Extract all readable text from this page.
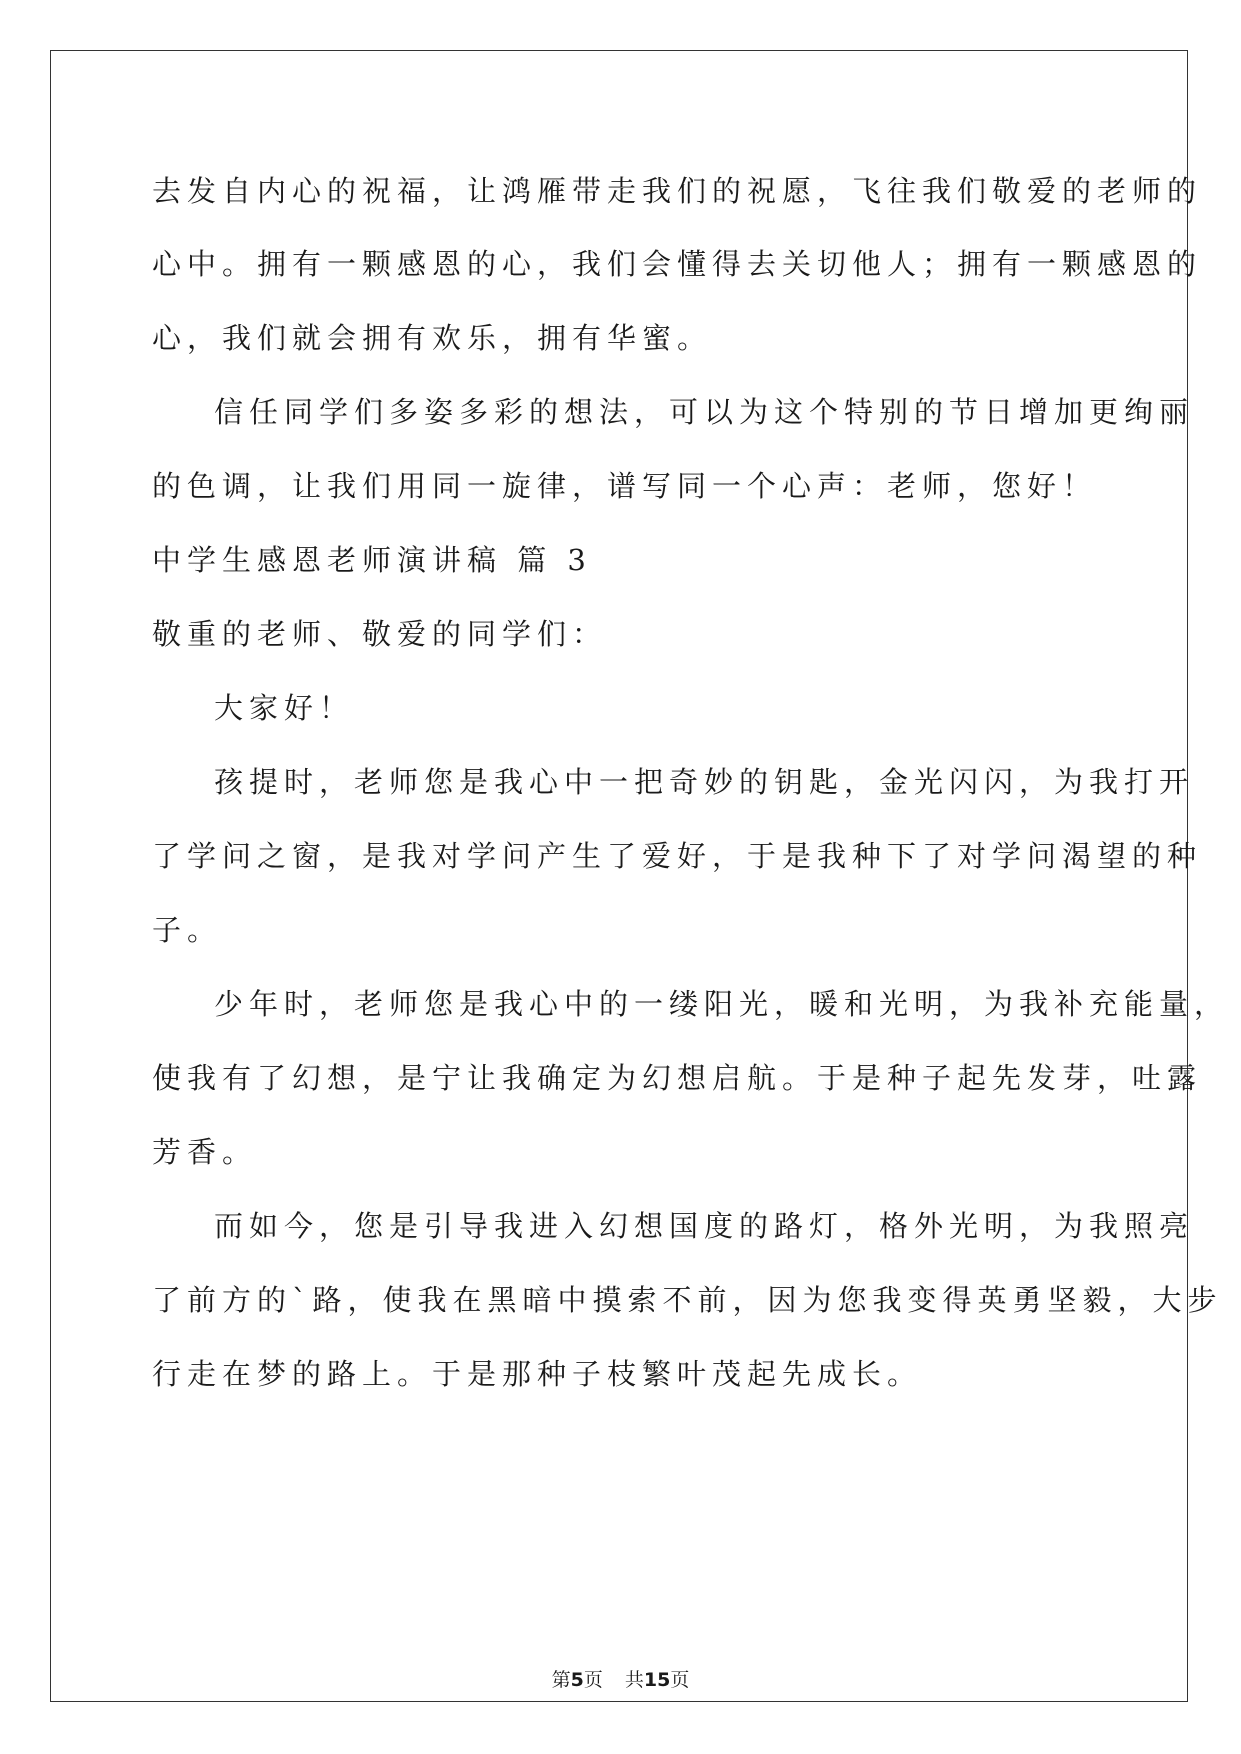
去发自内心的祝福，让鸿雁带走我们的祝愿，飞往我们敬爱的老师的
心中。拥有一颗感恩的心，我们会懂得去关切他人；拥有一颗感恩的
心，我们就会拥有欢乐，拥有华蜜。
信任同学们多姿多彩的想法，可以为这个特别的节日增加更绚丽
的色调，让我们用同一旋律，谱写同一个心声：老师，您好！
中学生感恩老师演讲稿 篇 3
敬重的老师、敬爱的同学们：
大家好！
孩提时，老师您是我心中一把奇妙的钥匙，金光闪闪，为我打开
了学问之窗，是我对学问产生了爱好，于是我种下了对学问渴望的种
子。
少年时，老师您是我心中的一缕阳光，暖和光明，为我补充能量，
使我有了幻想，是宁让我确定为幻想启航。于是种子起先发芽，吐露
芳香。
而如今，您是引导我进入幻想国度的路灯，格外光明，为我照亮
了前方的`路，使我在黑暗中摸索不前，因为您我变得英勇坚毅，大步
行走在梦的路上。于是那种子枝繁叶茂起先成长。
第5页 共15页
